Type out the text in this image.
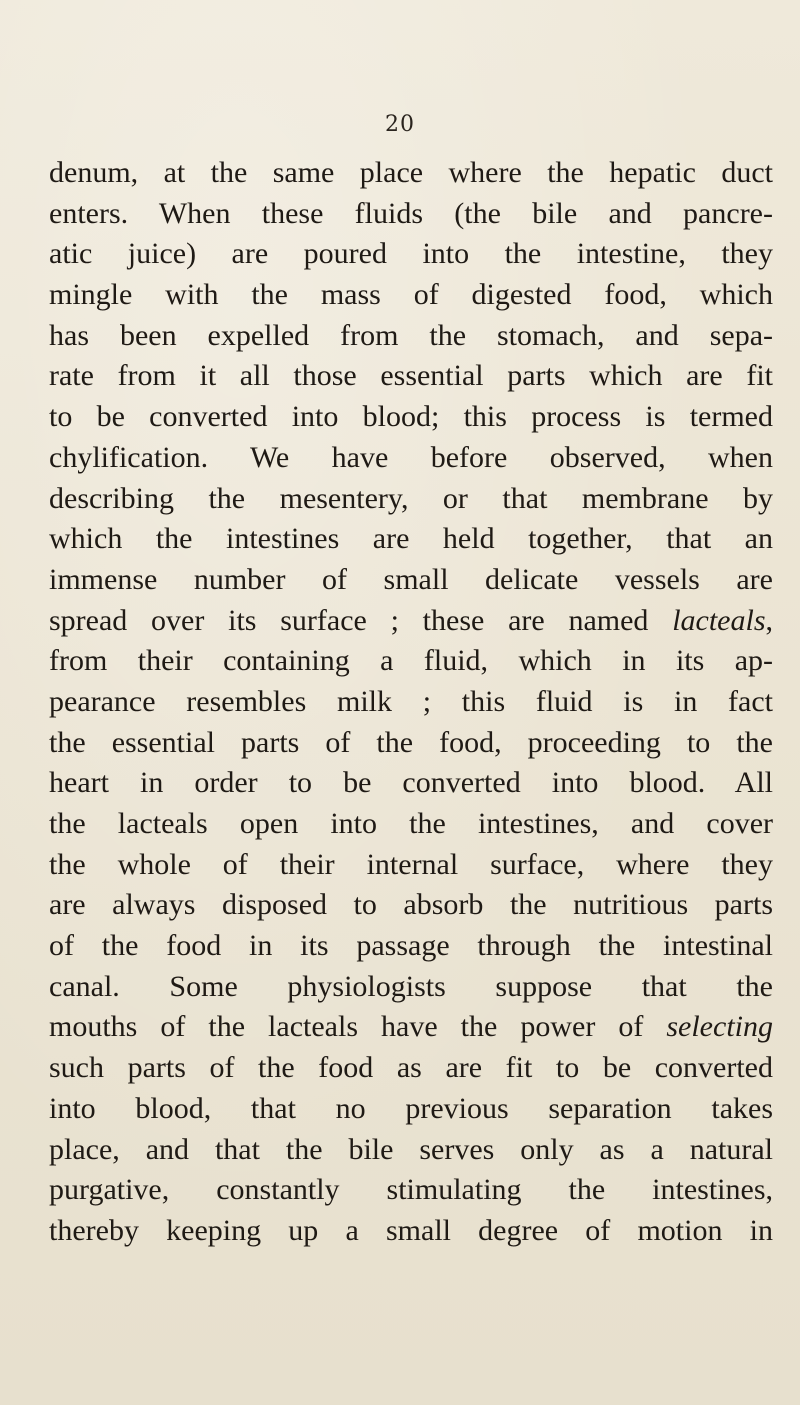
20
denum, at the same place where the hepatic duct
enters. When these fluids (the bile and pancre-
atic juice) are poured into the intestine, they
mingle with the mass of digested food, which
has been expelled from the stomach, and sepa-
rate from it all those essential parts which are fit
to be converted into blood; this process is termed
chylification. We have before observed, when
describing the mesentery, or that membrane by
which the intestines are held together, that an
immense number of small delicate vessels are
spread over its surface ; these are named lacteals,
from their containing a fluid, which in its ap-
pearance resembles milk ; this fluid is in fact
the essential parts of the food, proceeding to the
heart in order to be converted into blood. All
the lacteals open into the intestines, and cover
the whole of their internal surface, where they
are always disposed to absorb the nutritious parts
of the food in its passage through the intestinal
canal. Some physiologists suppose that the
mouths of the lacteals have the power of selecting
such parts of the food as are fit to be converted
into blood, that no previous separation takes
place, and that the bile serves only as a natural
purgative, constantly stimulating the intestines,
thereby keeping up a small degree of motion in
